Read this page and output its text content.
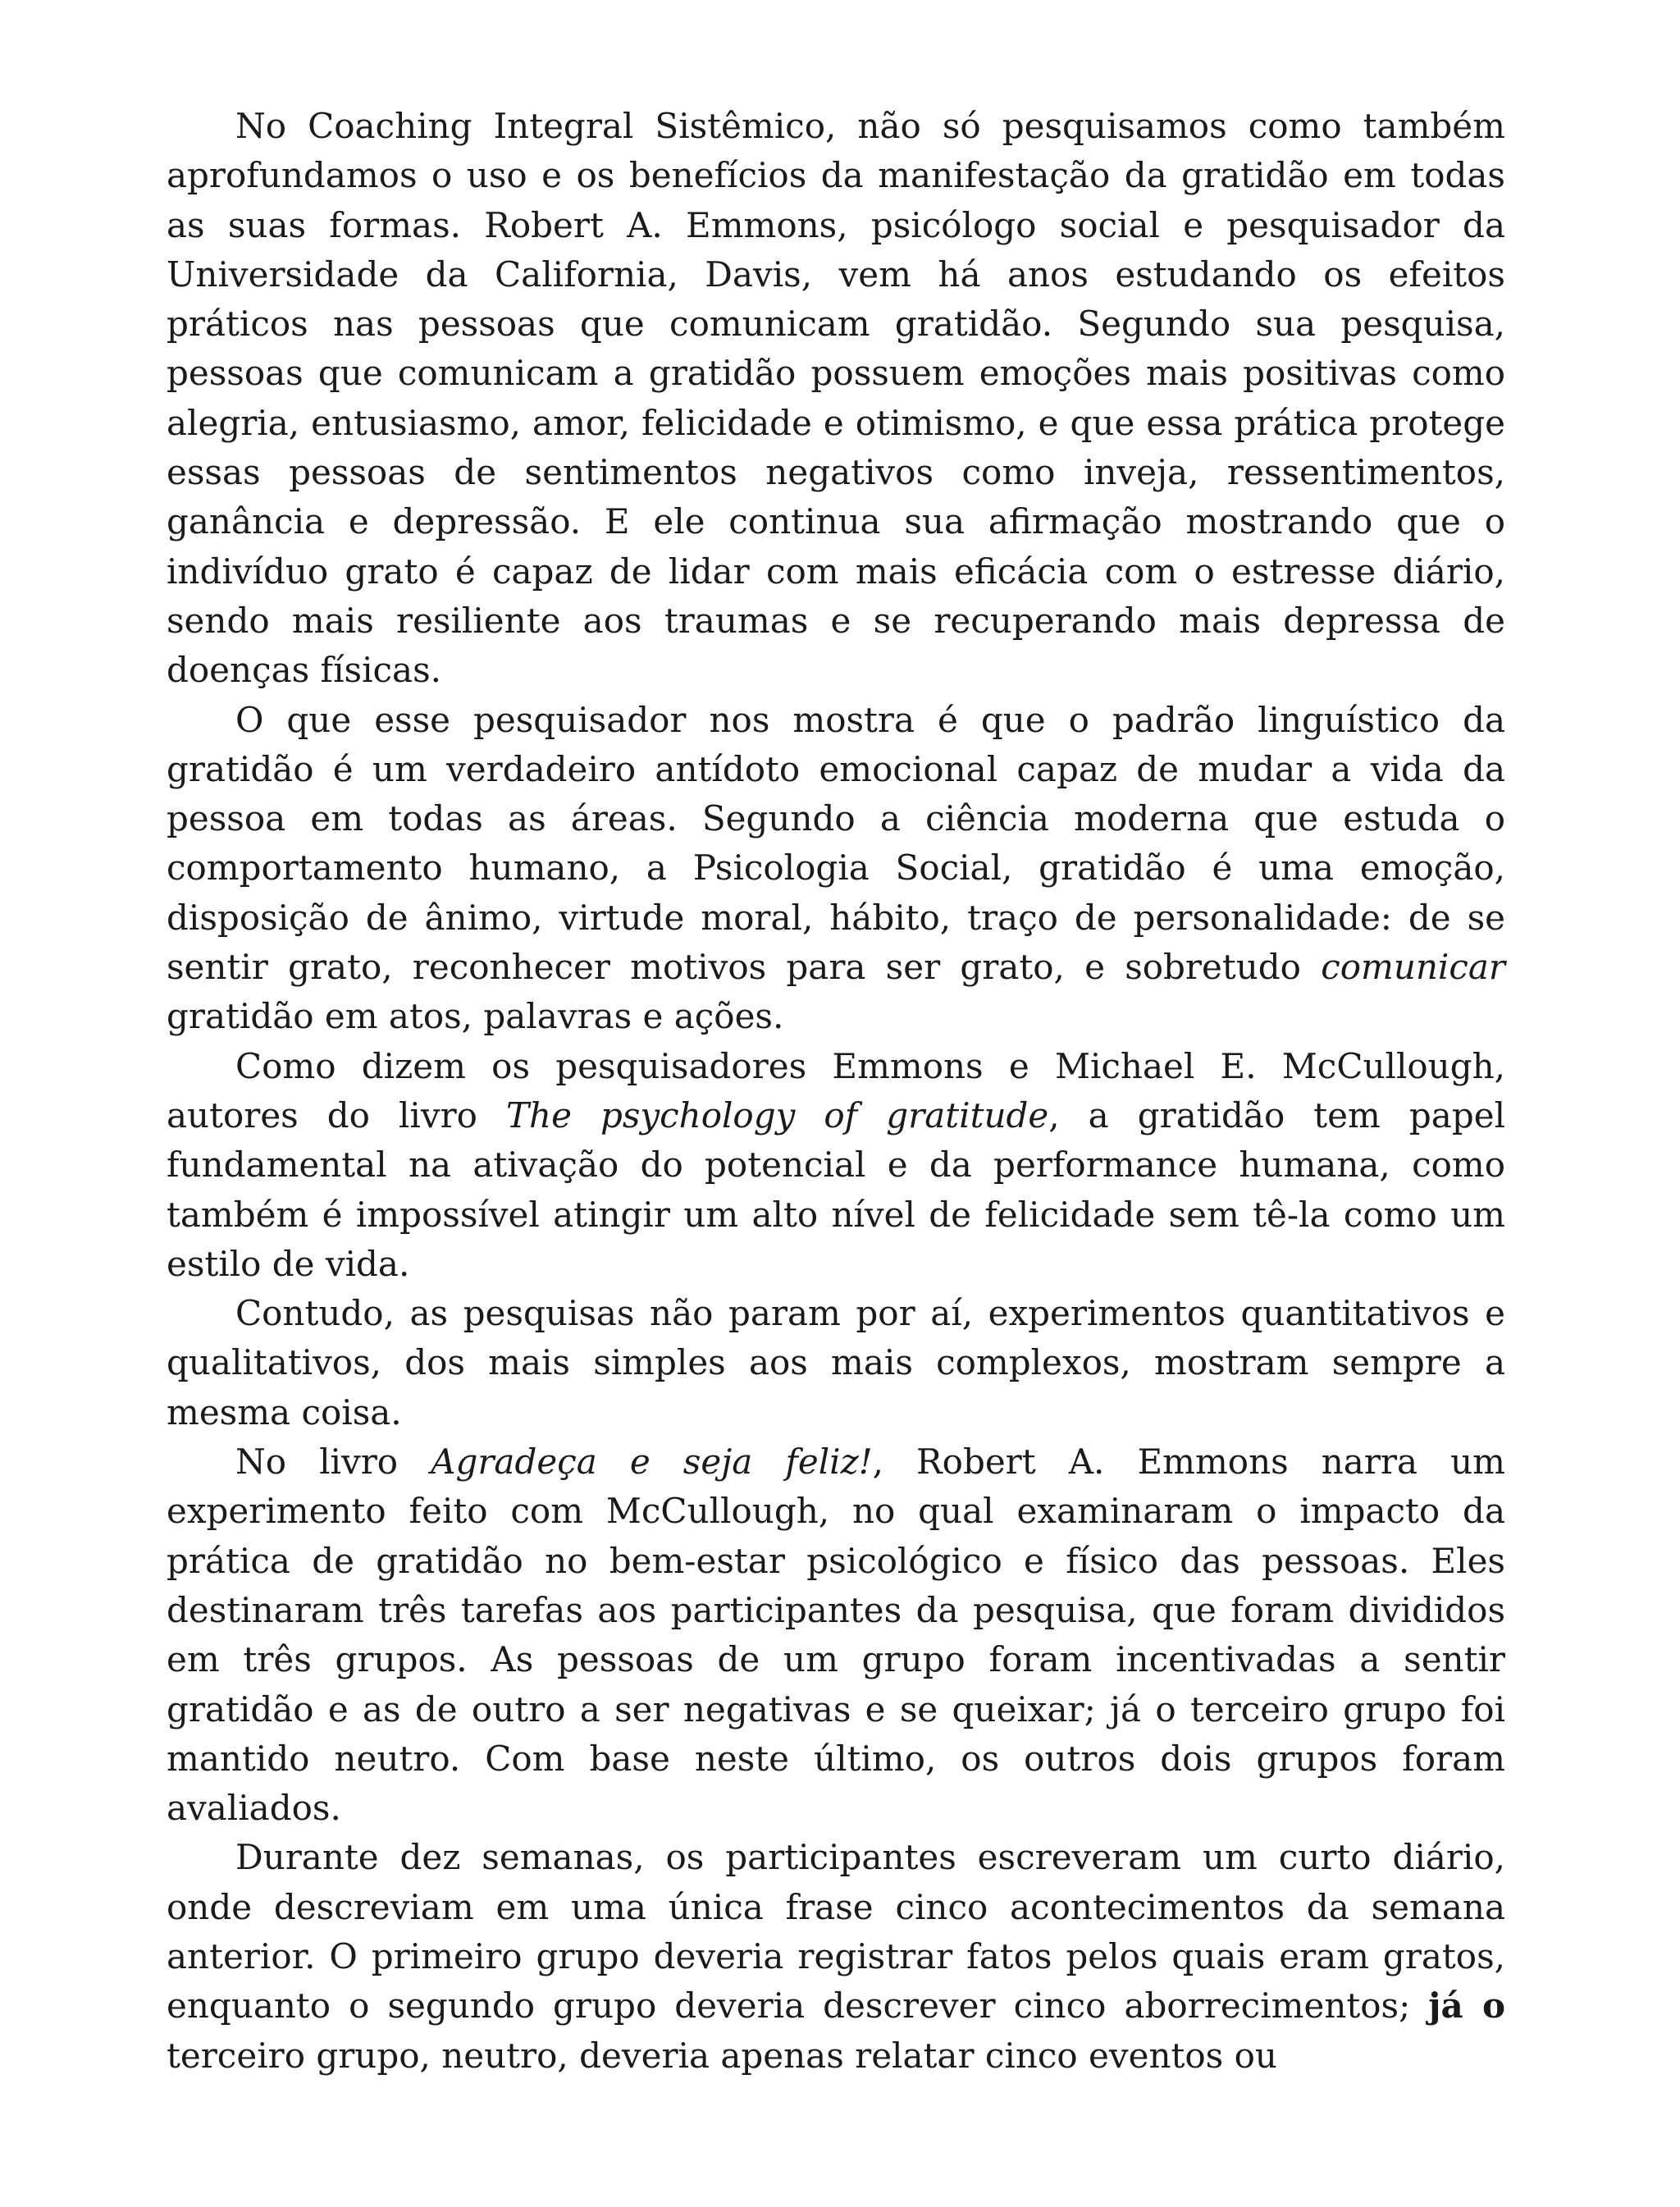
No Coaching Integral Sistêmico, não só pesquisamos como também aprofundamos o uso e os benefícios da manifestação da gratidão em todas as suas formas. Robert A. Emmons, psicólogo social e pesquisador da Universidade da California, Davis, vem há anos estudando os efeitos práticos nas pessoas que comunicam gratidão. Segundo sua pesquisa, pessoas que comunicam a gratidão possuem emoções mais positivas como alegria, entusiasmo, amor, felicidade e otimismo, e que essa prática protege essas pessoas de sentimentos negativos como inveja, ressentimentos, ganância e depressão. E ele continua sua afirmação mostrando que o indivíduo grato é capaz de lidar com mais eficácia com o estresse diário, sendo mais resiliente aos traumas e se recuperando mais depressa de doenças físicas.

O que esse pesquisador nos mostra é que o padrão linguístico da gratidão é um verdadeiro antídoto emocional capaz de mudar a vida da pessoa em todas as áreas. Segundo a ciência moderna que estuda o comportamento humano, a Psicologia Social, gratidão é uma emoção, disposição de ânimo, virtude moral, hábito, traço de personalidade: de se sentir grato, reconhecer motivos para ser grato, e sobretudo comunicar gratidão em atos, palavras e ações.

Como dizem os pesquisadores Emmons e Michael E. McCullough, autores do livro The psychology of gratitude, a gratidão tem papel fundamental na ativação do potencial e da performance humana, como também é impossível atingir um alto nível de felicidade sem tê-la como um estilo de vida.

Contudo, as pesquisas não param por aí, experimentos quantitativos e qualitativos, dos mais simples aos mais complexos, mostram sempre a mesma coisa.

No livro Agradeça e seja feliz!, Robert A. Emmons narra um experimento feito com McCullough, no qual examinaram o impacto da prática de gratidão no bem-estar psicológico e físico das pessoas. Eles destinaram três tarefas aos participantes da pesquisa, que foram divididos em três grupos. As pessoas de um grupo foram incentivadas a sentir gratidão e as de outro a ser negativas e se queixar; já o terceiro grupo foi mantido neutro. Com base neste último, os outros dois grupos foram avaliados.

Durante dez semanas, os participantes escreveram um curto diário, onde descreviam em uma única frase cinco acontecimentos da semana anterior. O primeiro grupo deveria registrar fatos pelos quais eram gratos, enquanto o segundo grupo deveria descrever cinco aborrecimentos; já o terceiro grupo, neutro, deveria apenas relatar cinco eventos ou
